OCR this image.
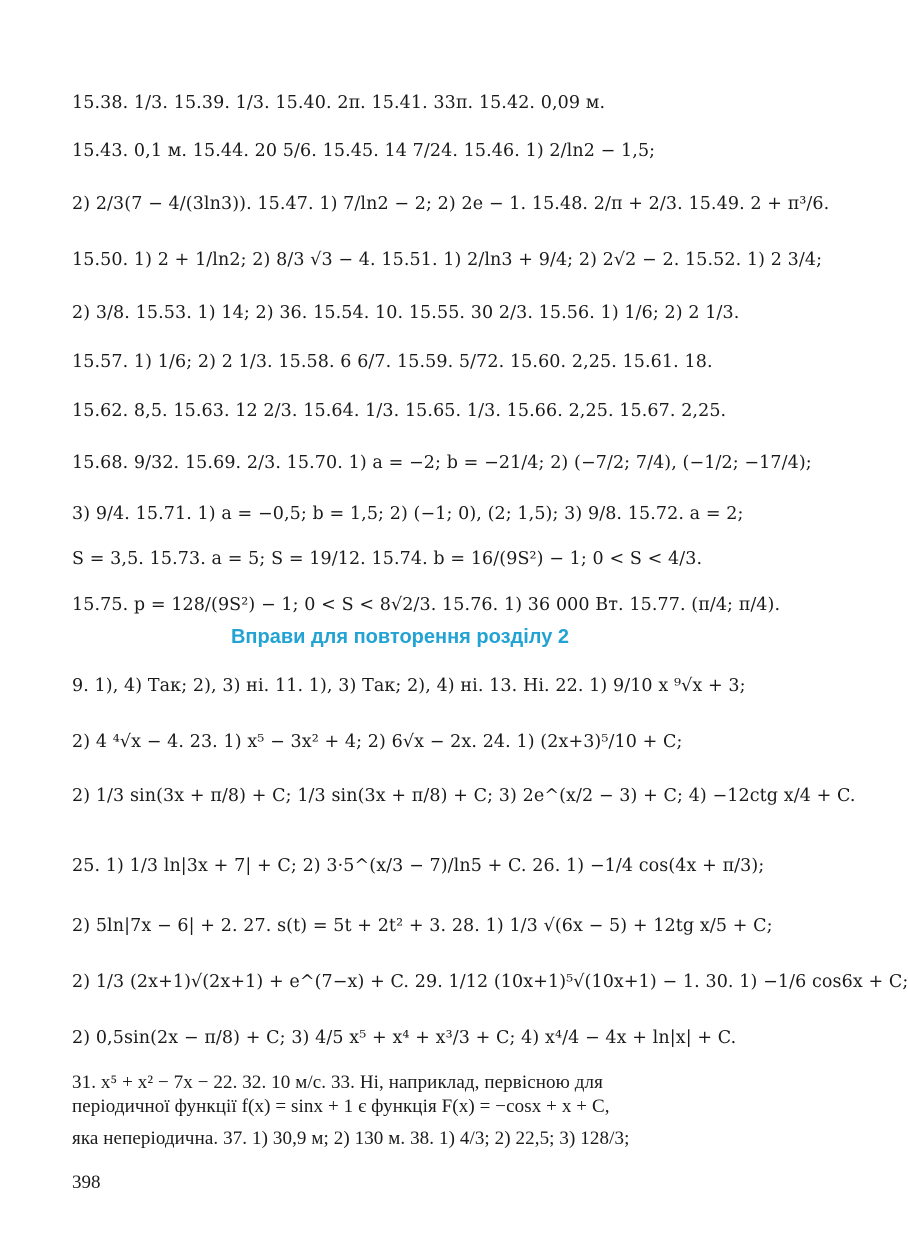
15.38. 1/3. 15.39. 1/3. 15.40. 2π. 15.41. 33π. 15.42. 0,09 м.
15.43. 0,1 м. 15.44. 20 5/6. 15.45. 14 7/24. 15.46. 1) 2/ln2 − 1,5;
2) 2/3(7 − 4/(3ln3)). 15.47. 1) 7/ln2 − 2; 2) 2e − 1. 15.48. 2/π + 2/3. 15.49. 2 + π³/6.
15.50. 1) 2 + 1/ln2; 2) 8/3 √3 − 4. 15.51. 1) 2/ln3 + 9/4; 2) 2√2 − 2. 15.52. 1) 2 3/4;
2) 3/8. 15.53. 1) 14; 2) 36. 15.54. 10. 15.55. 30 2/3. 15.56. 1) 1/6; 2) 2 1/3.
15.57. 1) 1/6; 2) 2 1/3. 15.58. 6 6/7. 15.59. 5/72. 15.60. 2,25. 15.61. 18.
15.62. 8,5. 15.63. 12 2/3. 15.64. 1/3. 15.65. 1/3. 15.66. 2,25. 15.67. 2,25.
15.68. 9/32. 15.69. 2/3. 15.70. 1) a = −2; b = −21/4; 2) (−7/2; 7/4), (−1/2; −17/4);
3) 9/4. 15.71. 1) a = −0,5; b = 1,5; 2) (−1; 0), (2; 1,5); 3) 9/8. 15.72. a = 2;
S = 3,5. 15.73. a = 5; S = 19/12. 15.74. b = 16/(9S²) − 1; 0 < S < 4/3.
15.75. p = 128/(9S²) − 1; 0 < S < 8√2/3. 15.76. 1) 36 000 Вт. 15.77. (π/4; π/4).
Вправи для повторення розділу 2
9. 1), 4) Так; 2), 3) ні. 11. 1), 3) Так; 2), 4) ні. 13. Ні. 22. 1) 9/10 x ⁹√x + 3;
2) 4 ⁴√x − 4. 23. 1) x⁵ − 3x² + 4; 2) 6√x − 2x. 24. 1) (2x+3)⁵/10 + C;
2) 1/3 sin(3x + π/8) + C; 1/3 sin(3x + π/8) + C; 3) 2e^(x/2 − 3) + C; 4) −12ctg x/4 + C.
25. 1) 1/3 ln|3x + 7| + C; 2) 3·5^(x/3 − 7)/ln5 + C. 26. 1) −1/4 cos(4x + π/3);
2) 5ln|7x − 6| + 2. 27. s(t) = 5t + 2t² + 3. 28. 1) 1/3 √(6x − 5) + 12tg x/5 + C;
2) 1/3 (2x+1)√(2x+1) + e^(7−x) + C. 29. 1/12 (10x+1)⁵√(10x+1) − 1. 30. 1) −1/6 cos6x + C;
2) 0,5sin(2x − π/8) + C; 3) 4/5 x⁵ + x⁴ + x³/3 + C; 4) x⁴/4 − 4x + ln|x| + C.
31. x⁵ + x² − 7x − 22. 32. 10 м/с. 33. Ні, наприклад, первісною для
періодичної функції f(x) = sinx + 1 є функція F(x) = −cosx + x + C,
яка неперіодична. 37. 1) 30,9 м; 2) 130 м. 38. 1) 4/3; 2) 22,5; 3) 128/3;
398
